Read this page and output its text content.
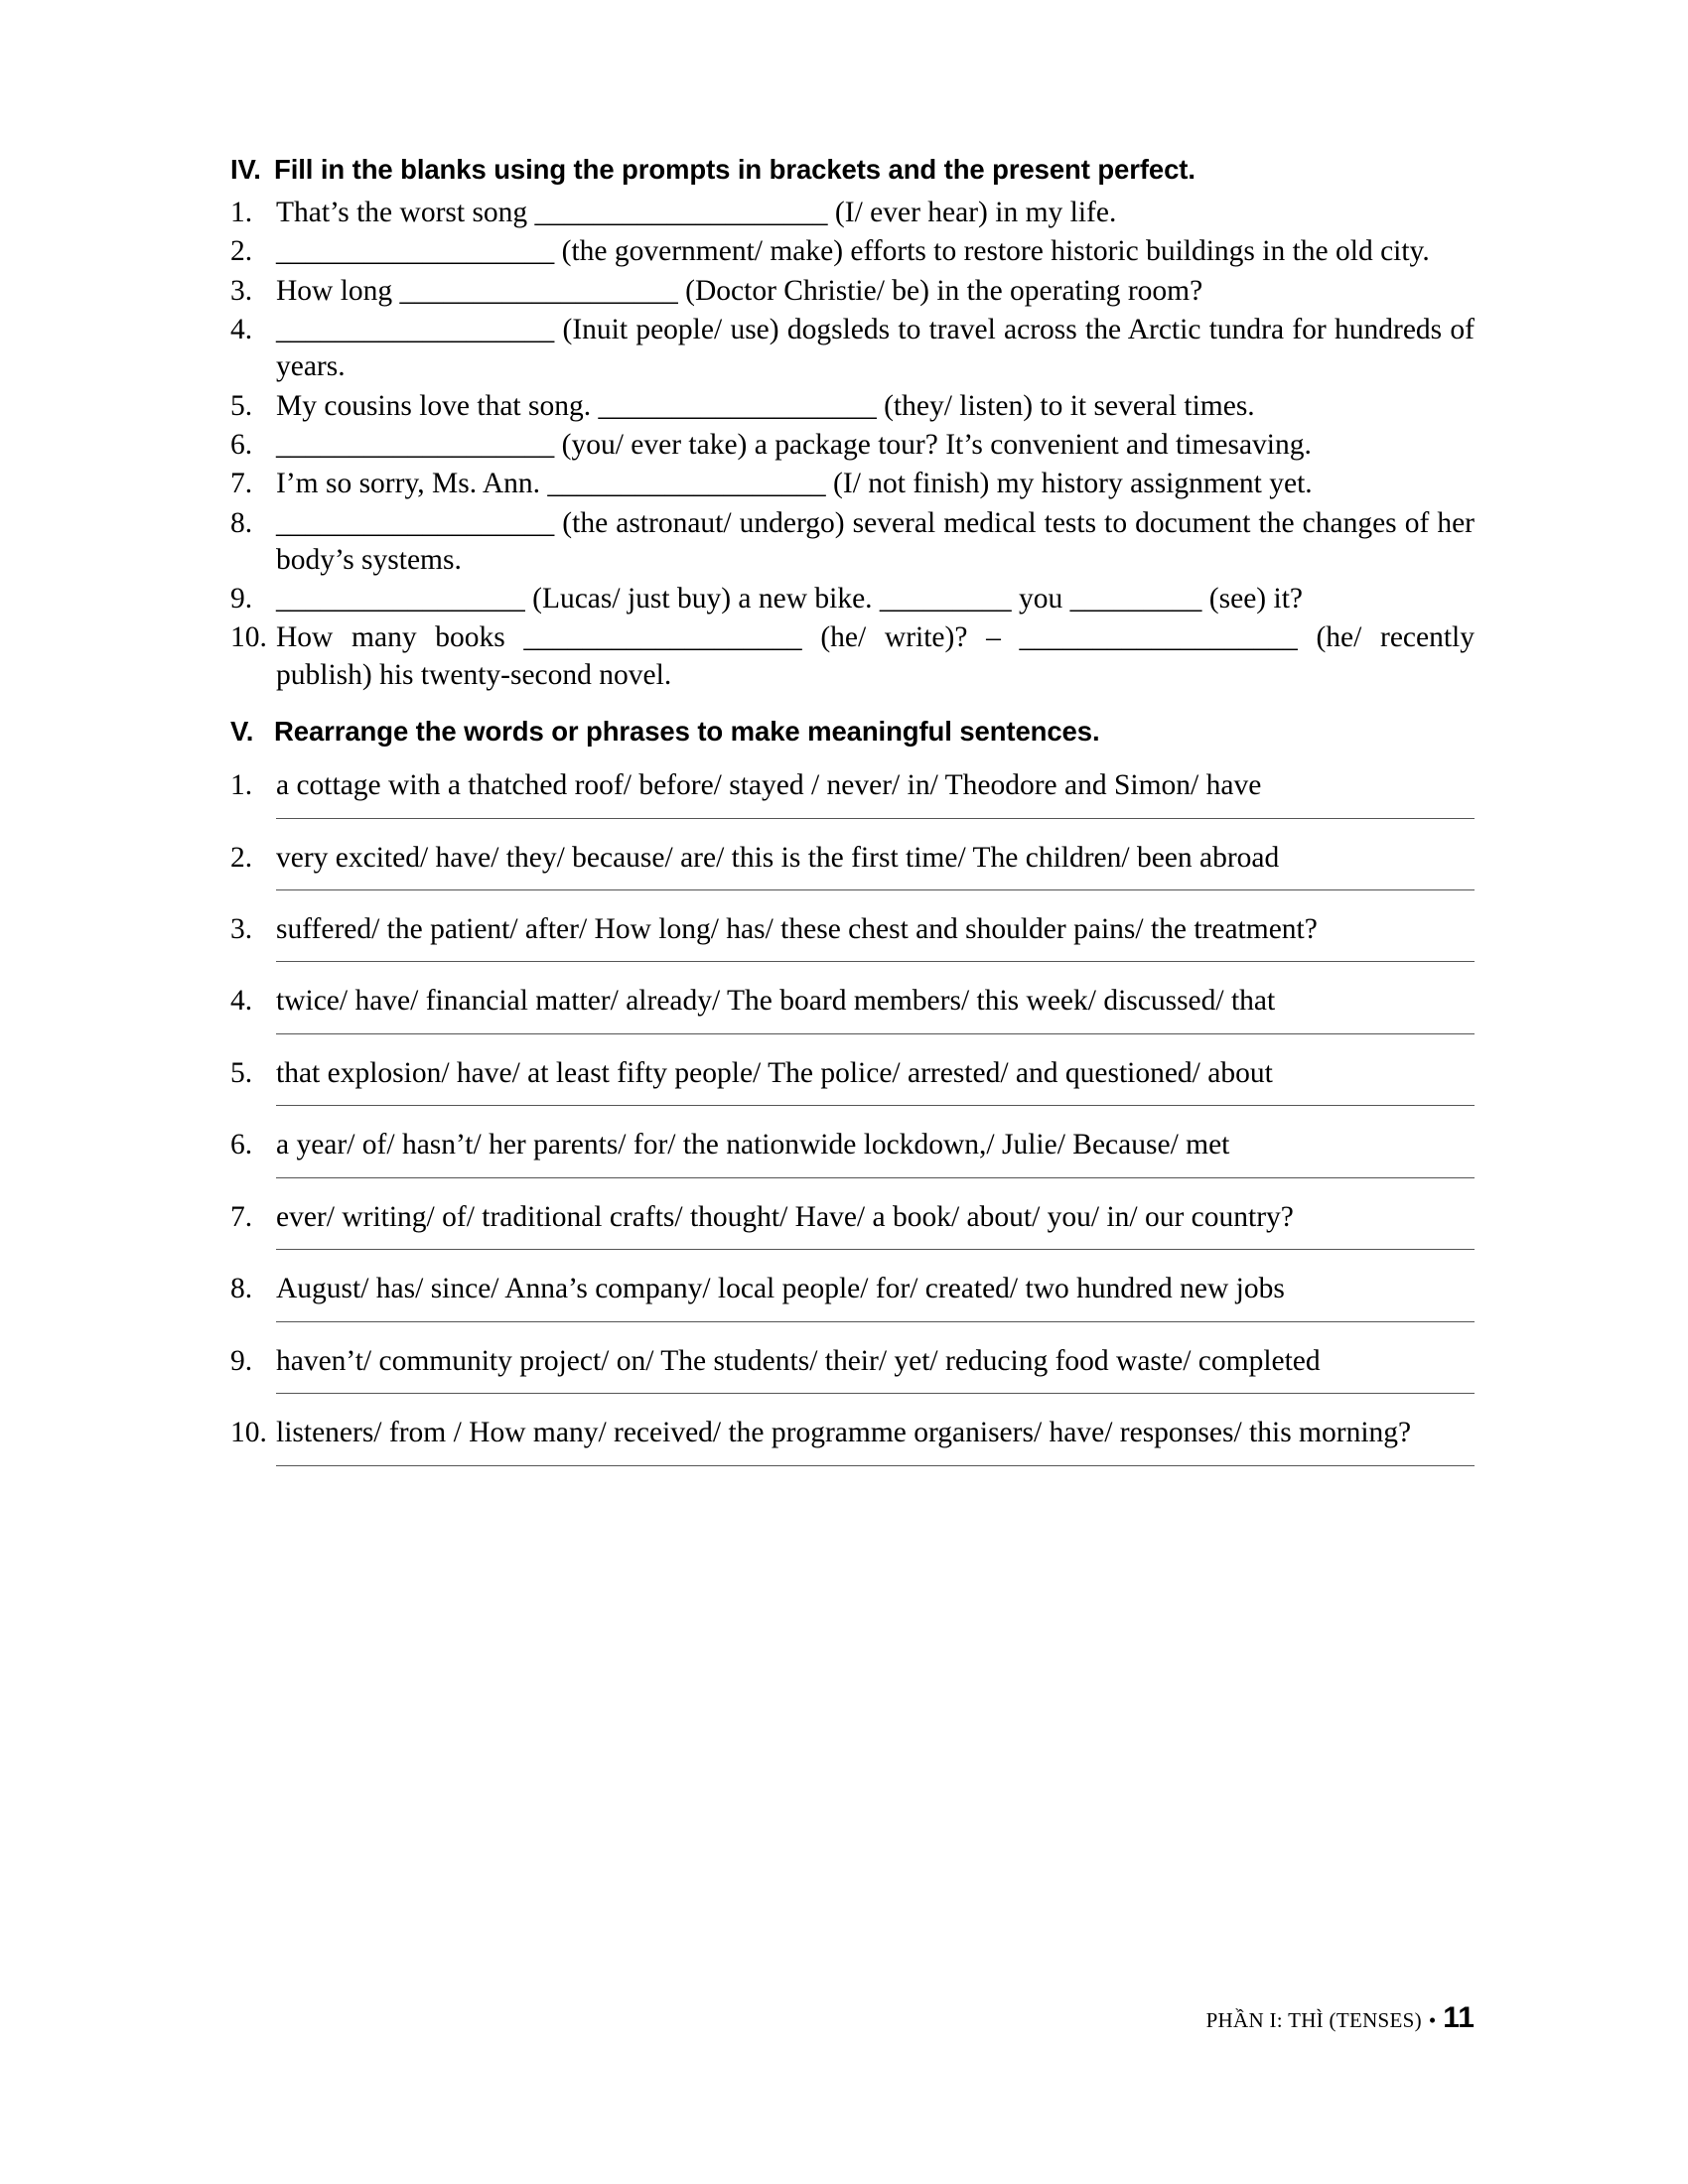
IV. Fill in the blanks using the prompts in brackets and the present perfect.
1. That’s the worst song ____________________ (I/ ever hear) in my life.
2. ___________________ (the government/ make) efforts to restore historic buildings in the old city.
3. How long ___________________ (Doctor Christie/ be) in the operating room?
4. ___________________ (Inuit people/ use) dogsleds to travel across the Arctic tundra for hundreds of years.
5. My cousins love that song. ___________________ (they/ listen) to it several times.
6. ___________________ (you/ ever take) a package tour? It’s convenient and timesaving.
7. I’m so sorry, Ms. Ann. ___________________ (I/ not finish) my history assignment yet.
8. ___________________ (the astronaut/ undergo) several medical tests to document the changes of her body’s systems.
9. _________________ (Lucas/ just buy) a new bike. _________ you _________ (see) it?
10. How many books ___________________ (he/ write)? – ___________________ (he/ recently publish) his twenty-second novel.
V. Rearrange the words or phrases to make meaningful sentences.
1. a cottage with a thatched roof/ before/ stayed / never/ in/ Theodore and Simon/ have
2. very excited/ have/ they/ because/ are/ this is the first time/ The children/ been abroad
3. suffered/ the patient/ after/ How long/ has/ these chest and shoulder pains/ the treatment?
4. twice/ have/ financial matter/ already/ The board members/ this week/ discussed/ that
5. that explosion/ have/ at least fifty people/ The police/ arrested/ and questioned/ about
6. a year/ of/ hasn’t/ her parents/ for/ the nationwide lockdown,/ Julie/ Because/ met
7. ever/ writing/ of/ traditional crafts/ thought/ Have/ a book/ about/ you/ in/ our country?
8. August/ has/ since/ Anna’s company/ local people/ for/ created/ two hundred new jobs
9. haven’t/ community project/ on/ The students/ their/ yet/ reducing food waste/ completed
10. listeners/ from / How many/ received/ the programme organisers/ have/ responses/ this morning?
PHẦN I: THÌ (TENSES) • 11
